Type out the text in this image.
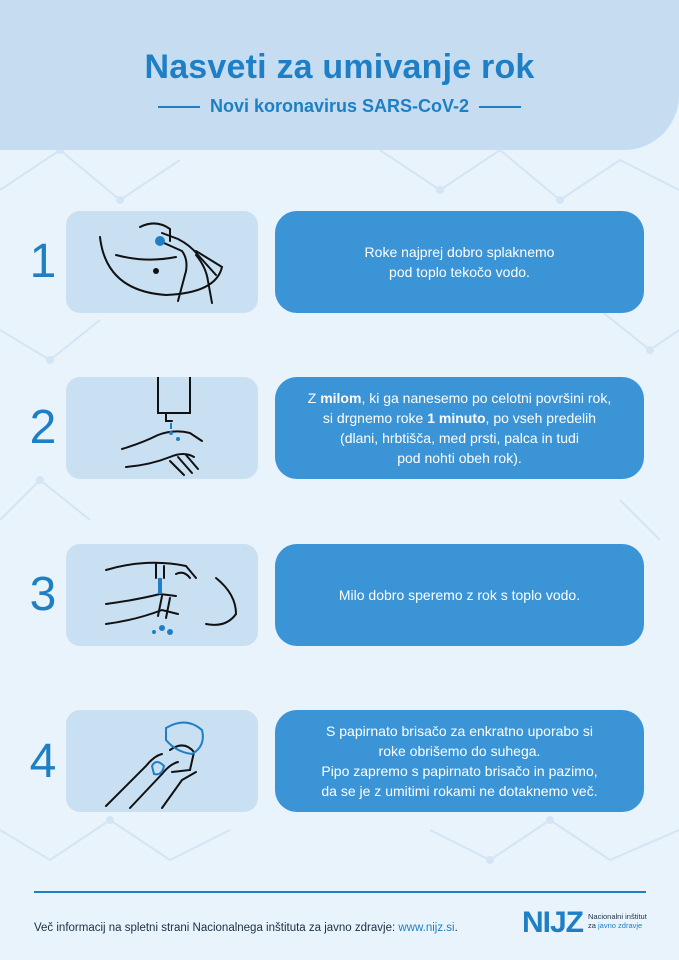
Nasveti za umivanje rok
Novi koronavirus SARS-CoV-2
1	Roke najprej dobro splaknemo
pod toplo tekočo vodo.
2
Z milom, ki ga nanesemo po celotni površini rok,
si drgnemo roke 1 minuto, po vseh predelih
(dlani, hrbtišča, med prsti, palca in tudi
pod nohti obeh rok).
3	Milo dobro speremo z rok s toplo vodo.
4
S papirnato brisačo za enkratno uporabo si
roke obrišemo do suhega.
Pipo zapremo s papirnato brisačo in pazimo,
da se je z umitimi rokami ne dotaknemo več.
Več informacij na spletni strani Nacionalnega inštituta za javno zdravje: www.nijz.si. NIJZ Nacionalni inštitut
za javno zdravje
